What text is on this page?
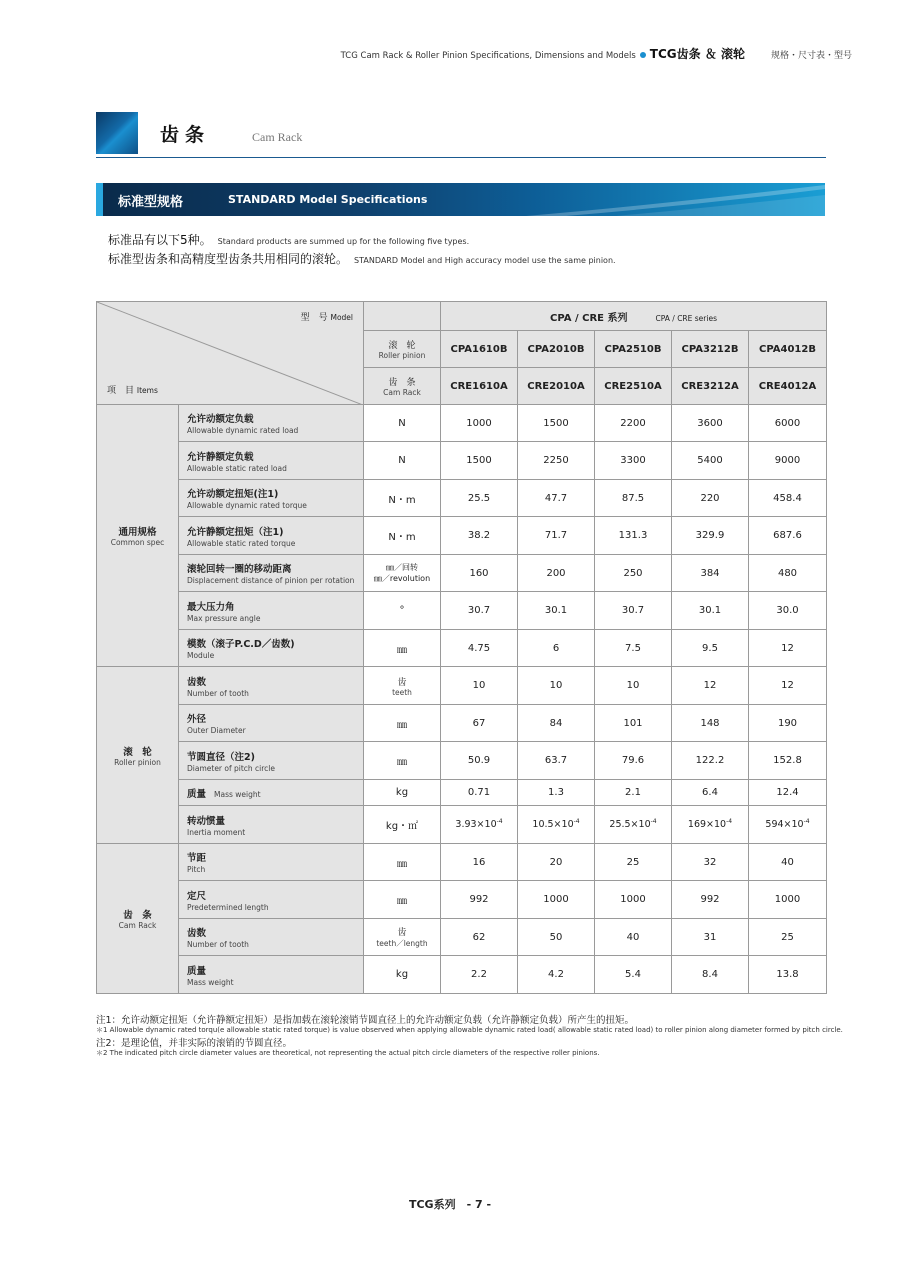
TCG Cam Rack & Roller Pinion Specifications, Dimensions and Models TCG齿条 ＆ 滚轮	规格・尺寸表・型号
齿条	Cam Rack
标准型规格	STANDARD Model Specifications
标准品有以下5种。 Standard products are summed up for the following five types.
标准型齿条和高精度型齿条共用相同的滚轮。 STANDARD Model and High accuracy model use the same pinion.
型　号 Model
项　目 Items			CPA / CRE 系列 CPA / CRE series				

		滚　轮
Roller pinion	CPA1610B	CPA2010B	CPA2510B	CPA3212B	CPA4012B

		齿　条
Cam Rack	CRE1610A	CRE2010A	CRE2510A	CRE3212A	CRE4012A

通用规格
Common spec	允许动额定负载
Allowable dynamic rated load	N	1000	1500	2200	3600	6000

	允许静额定负载
Allowable static rated load	N	1500	2250	3300	5400	9000

	允许动额定扭矩(注1)
Allowable dynamic rated torque	N・m	25.5	47.7	87.5	220	458.4

	允许静额定扭矩（注1)
Allowable static rated torque	N・m	38.2	71.7	131.3	329.9	687.6

	滚轮回转一圈的移动距离
Displacement distance of pinion per rotation	㎜／回转
㎜／revolution	160	200	250	384	480

	最大压力角
Max pressure angle	°	30.7	30.1	30.7	30.1	30.0

	模数（滚子P.C.D／齿数)
Module	㎜	4.75	6	7.5	9.5	12

滚　轮
Roller pinion	齿数
Number of tooth	齿
teeth	10	10	10	12	12

	外径
Outer Diameter	㎜	67	84	101	148	190

	节圆直径（注2)
Diameter of pitch circle	㎜	50.9	63.7	79.6	122.2	152.8
	质量 Mass weight	kg	0.71	1.3	2.1	6.4	12.4

	转动惯量
Inertia moment	kg・㎡	$3.93\times 10^{-4}$	$10.5\times 10^{-4}$	$25.5\times 10^{-4}$	$169\times 10^{-4}$	$594\times 10^{-4}$

齿　条
Cam Rack	节距
Pitch	㎜	16	20	25	32	40

	定尺
Predetermined length	㎜	992	1000	1000	992	1000

	齿数
Number of tooth	齿
teeth／length	62	50	40	31	25

	质量
Mass weight	kg	2.2	4.2	5.4	8.4	13.8
注1：允许动额定扭矩（允许静额定扭矩）是指加载在滚轮滚销节圆直径上的允许动额定负载（允许静额定负载）所产生的扭矩。
＊1 Allowable dynamic rated torqu(e allowable static rated torque) is value observed when applying allowable dynamic rated load( allowable static rated load) to roller pinion along diameter formed by pitch circle.
注2：是理论值，并非实际的滚销的节圆直径。
＊2 The indicated pitch circle diameter values are theoretical, not representing the actual pitch circle diameters of the respective roller pinions.
TCG系列　- 7 -
